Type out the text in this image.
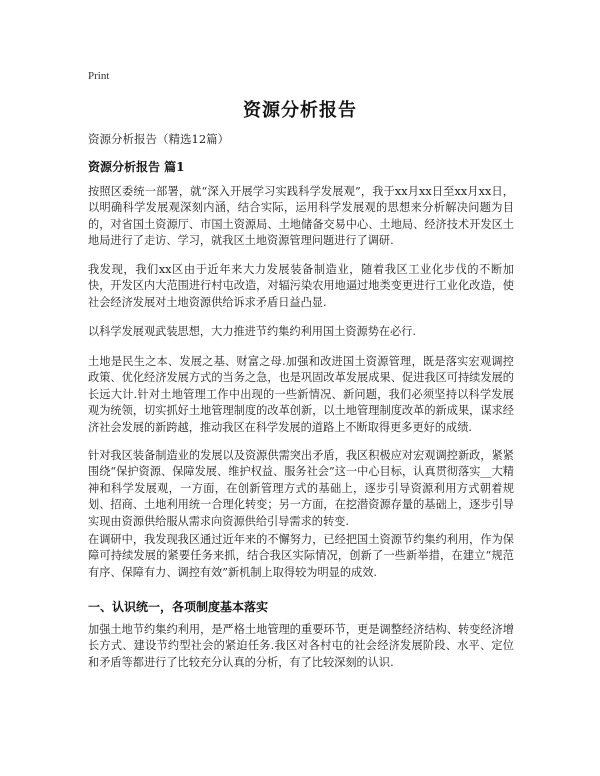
Print
资源分析报告
资源分析报告（精选12篇）
资源分析报告 篇1
按照区委统一部署，就“深入开展学习实践科学发展观”，我于xx月xx日至xx月xx日，以明确科学发展观深刻内涵，结合实际，运用科学发展观的思想来分析解决问题为目的，对省国土资源厅、市国土资源局、土地储备交易中心、土地局、经济技术开发区土地局进行了走访、学习，就我区土地资源管理问题进行了调研.
我发现，我们xx区由于近年来大力发展装备制造业，随着我区工业化步伐的不断加快，开发区内大范围进行村屯改造，对辐污染农用地逼过地类变更进行工业化改造，使社会经济发展对土地资源供给诉求矛盾日益凸显.
以科学发展观武装思想，大力推进节约集约利用国土资源势在必行.
土地是民生之本、发展之基、财富之母.加强和改进国土资源管理，既是落实宏观调控政策、优化经济发展方式的当务之急，也是巩固改革发展成果、促进我区可持续发展的长远大计.针对土地管理工作中出现的一些新情况、新问题，我们必须坚持以科学发展观为统领，切实抓好土地管理制度的改革创新，以土地管理制度改革的新成果，谋求经济社会发展的新跨越，推动我区在科学发展的道路上不断取得更多更好的成绩.
针对我区装备制造业的发展以及资源供需突出矛盾，我区积极应对宏观调控新政，紧紧围绕“保护资源、保障发展、维护权益、服务社会”这一中心目标，认真贯彻落实__大精神和科学发展观，一方面，在创新管理方式的基础上，逐步引导资源利用方式朝着规划、招商、土地利用统一合理化转变；另一方面，在挖潜资源存量的基础上，逐步引导实现由资源供给服从需求向资源供给引导需求的转变.
在调研中，我发现我区通过近年来的不懈努力，已经把国土资源节约集约利用，作为保障可持续发展的紧要任务来抓，结合我区实际情况，创新了一些新举措，在建立“规范有序、保障有力、调控有效”新机制上取得较为明显的成效.
一、认识统一，各项制度基本落实
加强土地节约集约利用，是严格土地管理的重要环节，更是调整经济结构、转变经济增长方式、建设节约型社会的紧迫任务.我区对各村屯的社会经济发展阶段、水平、定位和矛盾等都进行了比较充分认真的分析，有了比较深刻的认识.
